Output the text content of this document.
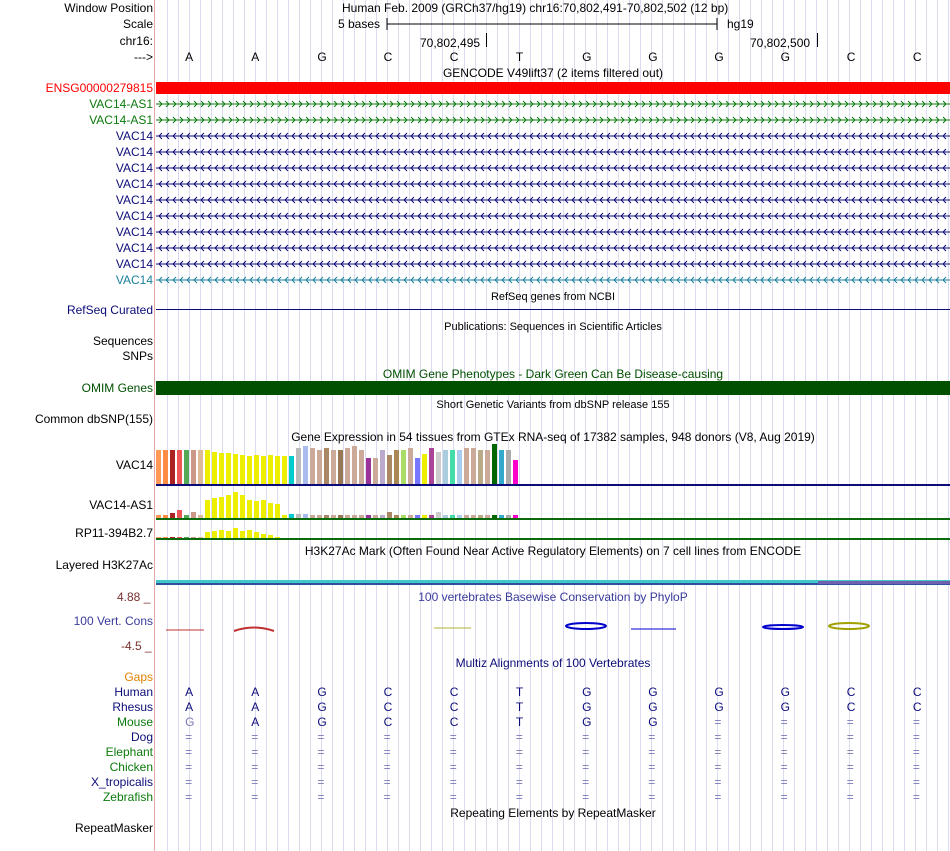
Window Position	Human Feb. 2009 (GRCh37/hg19) chr16:70,802,491-70,802,502 (12 bp)
Scale	5 bases	hg19
chr16:	70,802,495	70,802,500
--->	A	A	G	C	C	T	G	G	G	G	C	C
GENCODE V49lift37 (2 items filtered out)
ENSG00000279815
VAC14-AS1
VAC14-AS1
VAC14
VAC14
VAC14
VAC14
VAC14
VAC14
VAC14
VAC14
VAC14
VAC14
RefSeq genes from NCBI
RefSeq Curated
Publications: Sequences in Scientific Articles
Sequences
SNPs
OMIM Gene Phenotypes - Dark Green Can Be Disease-causing
OMIM Genes
Short Genetic Variants from dbSNP release 155
Common dbSNP(155)
Gene Expression in 54 tissues from GTEx RNA-seq of 17382 samples, 948 donors (V8, Aug 2019)
VAC14
VAC14-AS1
RP11-394B2.7
H3K27Ac Mark (Often Found Near Active Regulatory Elements) on 7 cell lines from ENCODE
Layered H3K27Ac
4.88 _	100 vertebrates Basewise Conservation by PhyloP
100 Vert. Cons
-4.5 _
Multiz Alignments of 100 Vertebrates
Gaps
Human	A	A	G	C	C	T	G	G	G	G	C	C
Rhesus	A	A	G	C	C	T	G	G	G	G	C	C
Mouse	G	A	G	C	C	T	G	G	=	=	=	=
Dog	=	=	=	=	=	=	=	=	=	=	=	=
Elephant	=	=	=	=	=	=	=	=	=	=	=	=
Chicken	=	=	=	=	=	=	=	=	=	=	=	=
X_tropicalis	=	=	=	=	=	=	=	=	=	=	=	=
Zebrafish	=	=	=	=	=	=	=	=	=	=	=	=
Repeating Elements by RepeatMasker
RepeatMasker
